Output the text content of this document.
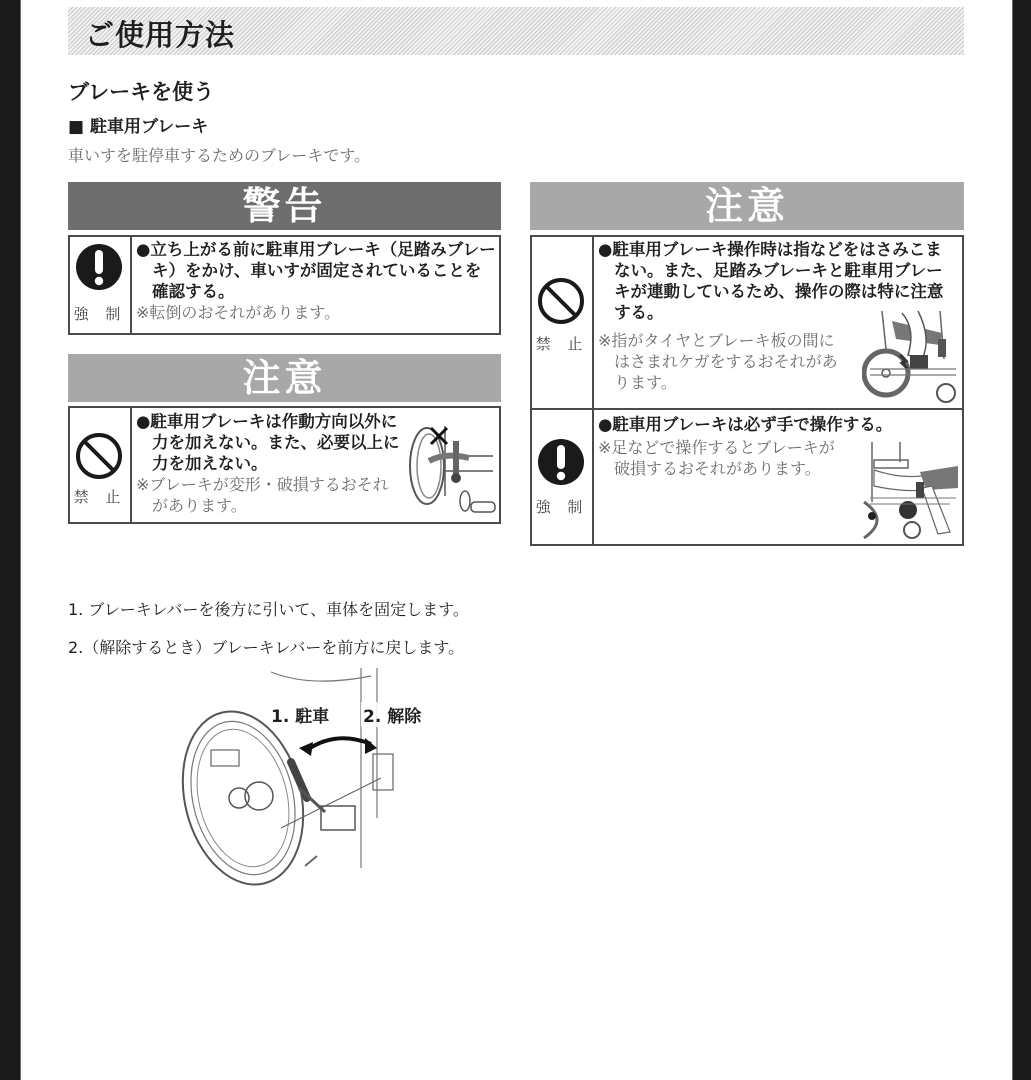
ご使用方法
ブレーキを使う
■ 駐車用ブレーキ
車いすを駐停車するためのブレーキです。
警告
強 制
●立ち上がる前に駐車用ブレーキ（足踏みブレーキ）をかけ、車いすが固定されていることを確認する。
※転倒のおそれがあります。
注意
禁 止
●駐車用ブレーキは作動方向以外に力を加えない。また、必要以上に力を加えない。
※ブレーキが変形・破損するおそれがあります。
注意
禁 止
●駐車用ブレーキ操作時は指などをはさみこまない。また、足踏みブレーキと駐車用ブレーキが連動しているため、操作の際は特に注意する。
※指がタイヤとブレーキ板の間にはさまれケガをするおそれがあります。
強 制
●駐車用ブレーキは必ず手で操作する。
※足などで操作するとブレーキが破損するおそれがあります。
1. ブレーキレバーを後方に引いて、車体を固定します。
2.（解除するとき）ブレーキレバーを前方に戻します。
1. 駐車 2. 解除
